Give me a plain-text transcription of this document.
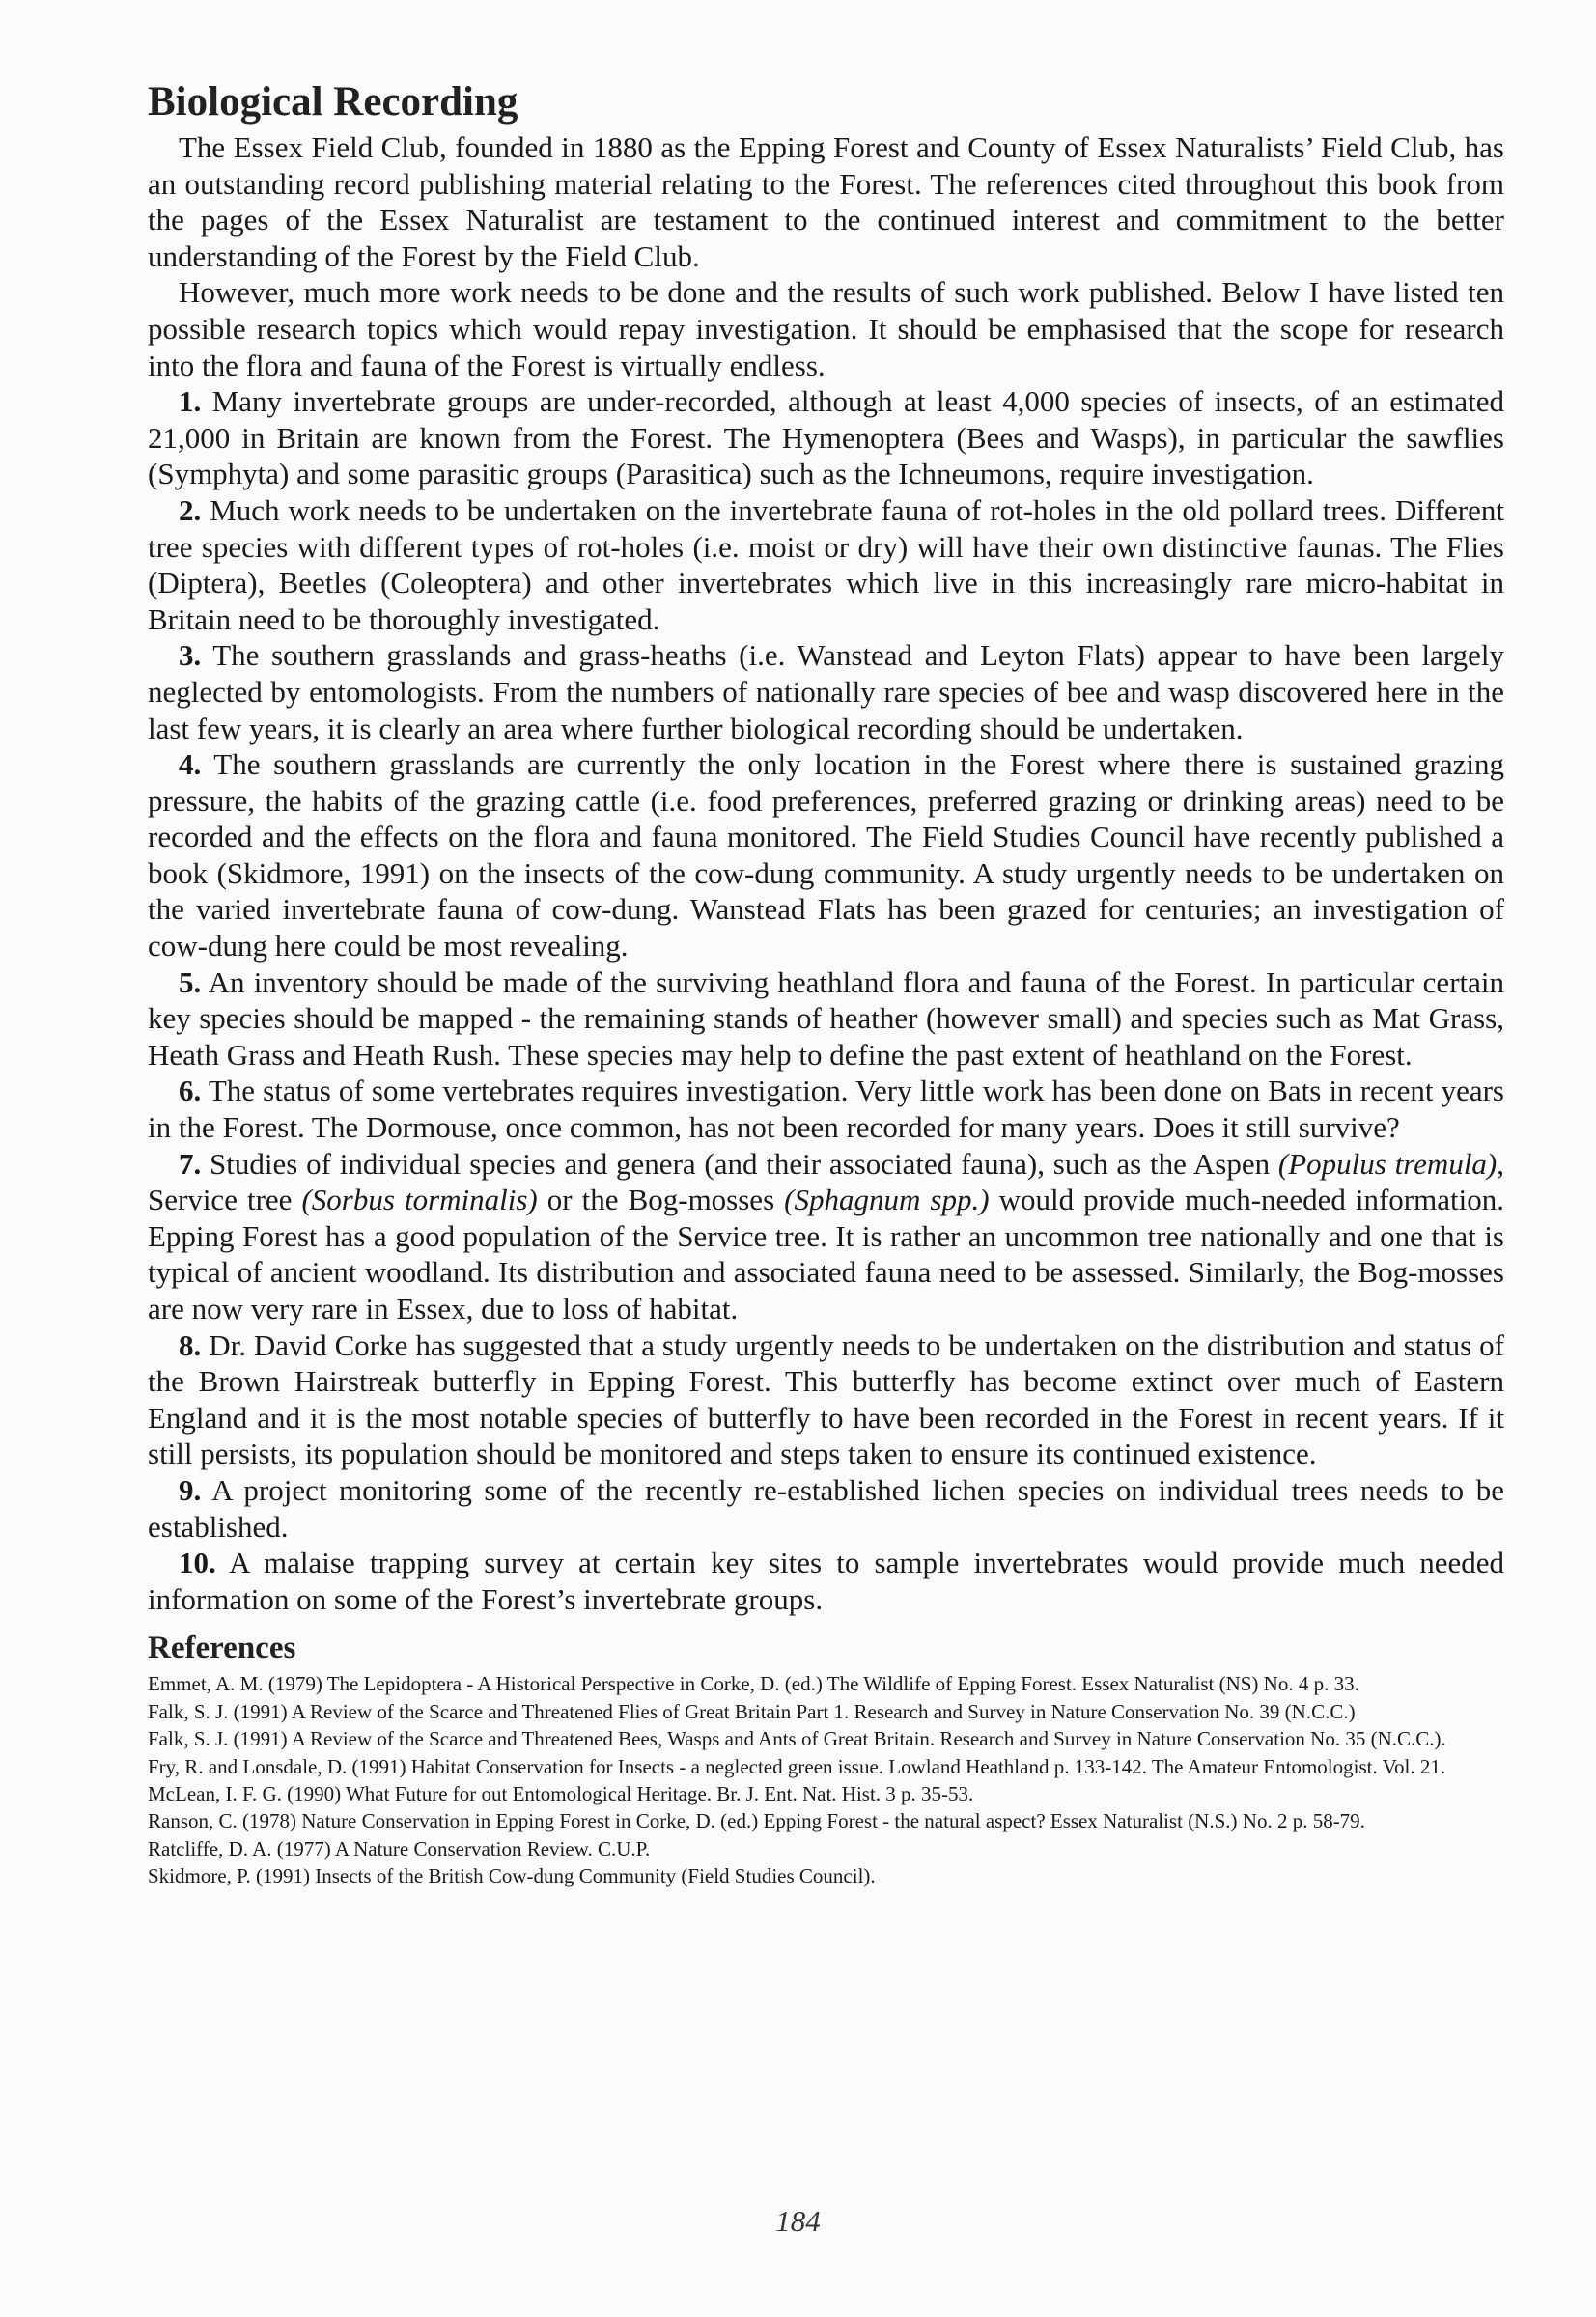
Biological Recording

The Essex Field Club, founded in 1880 as the Epping Forest and County of Essex Naturalists’ Field Club, has an outstanding record publishing material relating to the Forest. The references cited throughout this book from the pages of the Essex Naturalist are testament to the continued interest and commitment to the better understanding of the Forest by the Field Club.

However, much more work needs to be done and the results of such work published. Below I have listed ten possible research topics which would repay investigation. It should be emphasised that the scope for research into the flora and fauna of the Forest is virtually endless.

1. Many invertebrate groups are under-recorded, although at least 4,000 species of insects, of an estimated 21,000 in Britain are known from the Forest. The Hymenoptera (Bees and Wasps), in particular the sawflies (Symphyta) and some parasitic groups (Parasitica) such as the Ichneumons, require investigation.

2. Much work needs to be undertaken on the invertebrate fauna of rot-holes in the old pollard trees. Different tree species with different types of rot-holes (i.e. moist or dry) will have their own distinctive faunas. The Flies (Diptera), Beetles (Coleoptera) and other invertebrates which live in this increasingly rare micro-habitat in Britain need to be thoroughly investigated.

3. The southern grasslands and grass-heaths (i.e. Wanstead and Leyton Flats) appear to have been largely neglected by entomologists. From the numbers of nationally rare species of bee and wasp discovered here in the last few years, it is clearly an area where further biological recording should be undertaken.

4. The southern grasslands are currently the only location in the Forest where there is sustained grazing pressure, the habits of the grazing cattle (i.e. food preferences, preferred grazing or drinking areas) need to be recorded and the effects on the flora and fauna monitored. The Field Studies Council have recently published a book (Skidmore, 1991) on the insects of the cow-dung community. A study urgently needs to be undertaken on the varied invertebrate fauna of cow-dung. Wanstead Flats has been grazed for centuries; an investigation of cow-dung here could be most revealing.

5. An inventory should be made of the surviving heathland flora and fauna of the Forest. In particular certain key species should be mapped - the remaining stands of heather (however small) and species such as Mat Grass, Heath Grass and Heath Rush. These species may help to define the past extent of heathland on the Forest.

6. The status of some vertebrates requires investigation. Very little work has been done on Bats in recent years in the Forest. The Dormouse, once common, has not been recorded for many years. Does it still survive?

7. Studies of individual species and genera (and their associated fauna), such as the Aspen (Populus tremula), Service tree (Sorbus torminalis) or the Bog-mosses (Sphagnum spp.) would provide much-needed information. Epping Forest has a good population of the Service tree. It is rather an uncommon tree nationally and one that is typical of ancient woodland. Its distribution and associated fauna need to be assessed. Similarly, the Bog-mosses are now very rare in Essex, due to loss of habitat.

8. Dr. David Corke has suggested that a study urgently needs to be undertaken on the distribution and status of the Brown Hairstreak butterfly in Epping Forest. This butterfly has become extinct over much of Eastern England and it is the most notable species of butterfly to have been recorded in the Forest in recent years. If it still persists, its population should be monitored and steps taken to ensure its continued existence.

9. A project monitoring some of the recently re-established lichen species on individual trees needs to be established.

10. A malaise trapping survey at certain key sites to sample invertebrates would provide much needed information on some of the Forest’s invertebrate groups.

References
Emmet, A. M. (1979) The Lepidoptera - A Historical Perspective in Corke, D. (ed.) The Wildlife of Epping Forest. Essex Naturalist (NS) No. 4 p. 33.
Falk, S. J. (1991) A Review of the Scarce and Threatened Flies of Great Britain Part 1. Research and Survey in Nature Conservation No. 39 (N.C.C.)
Falk, S. J. (1991) A Review of the Scarce and Threatened Bees, Wasps and Ants of Great Britain. Research and Survey in Nature Conservation No. 35 (N.C.C.).
Fry, R. and Lonsdale, D. (1991) Habitat Conservation for Insects - a neglected green issue. Lowland Heathland p. 133-142. The Amateur Entomologist. Vol. 21.
McLean, I. F. G. (1990) What Future for out Entomological Heritage. Br. J. Ent. Nat. Hist. 3 p. 35-53.
Ranson, C. (1978) Nature Conservation in Epping Forest in Corke, D. (ed.) Epping Forest - the natural aspect? Essex Naturalist (N.S.) No. 2 p. 58-79.
Ratcliffe, D. A. (1977) A Nature Conservation Review. C.U.P.
Skidmore, P. (1991) Insects of the British Cow-dung Community (Field Studies Council).
184
